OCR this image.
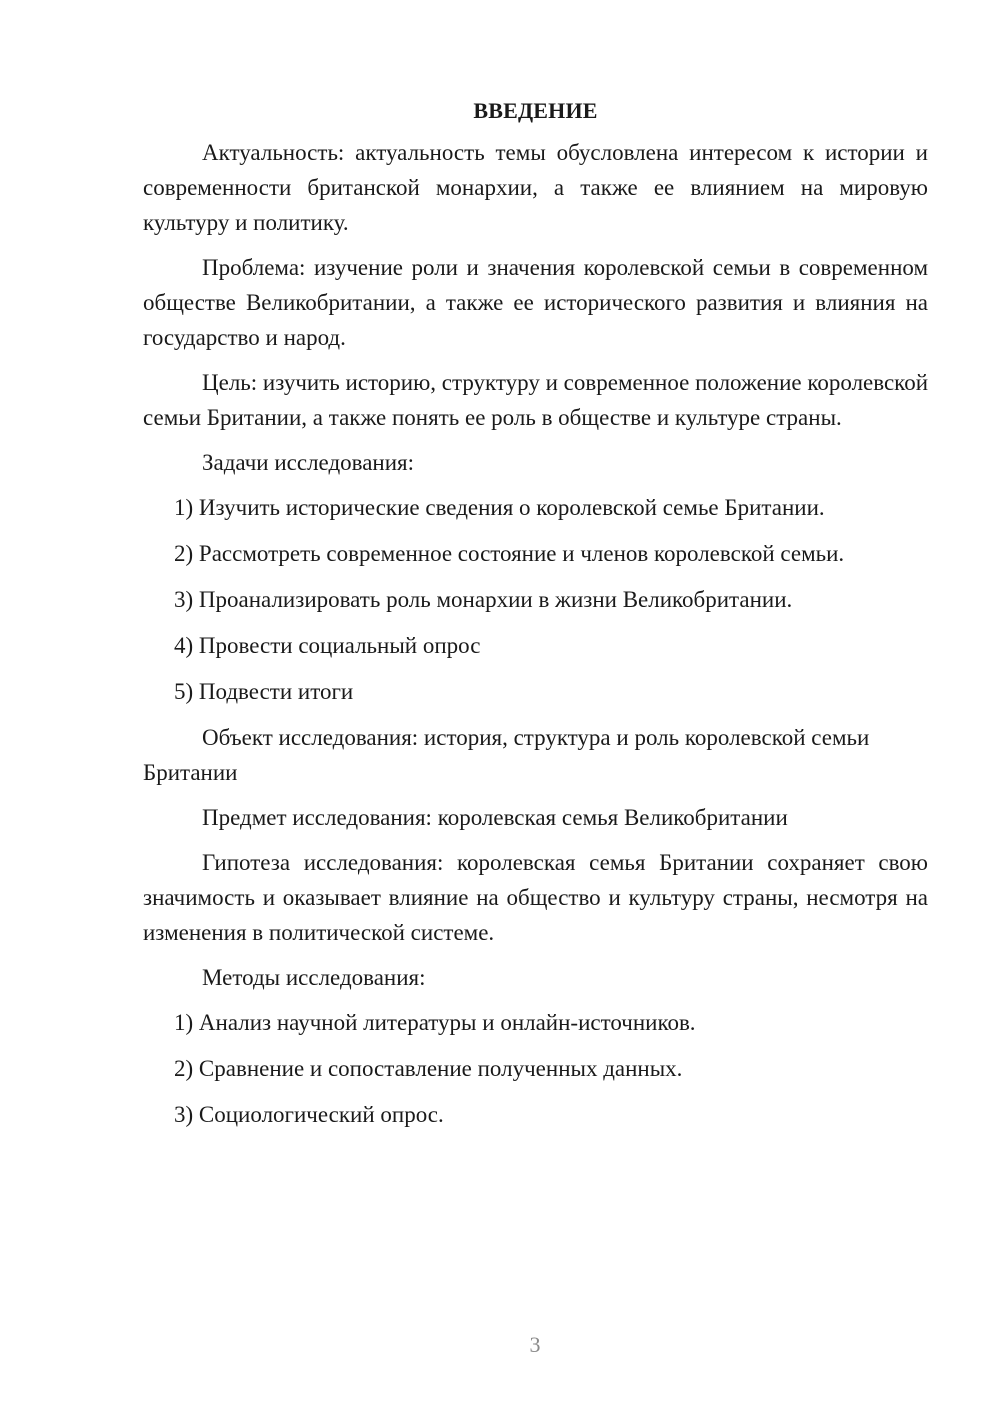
ВВЕДЕНИЕ

Актуальность: актуальность темы обусловлена интересом к истории и современности британской монархии, а также ее влиянием на мировую культуру и политику.

Проблема: изучение роли и значения королевской семьи в современном обществе Великобритании, а также ее исторического развития и влияния на государство и народ.

Цель: изучить историю, структуру и современное положение королевской семьи Британии, а также понять ее роль в обществе и культуре страны.

Задачи исследования:

1) Изучить исторические сведения о королевской семье Британии.
2) Рассмотреть современное состояние и членов королевской семьи.
3) Проанализировать роль монархии в жизни Великобритании.
4) Провести социальный опрос
5) Подвести итоги

Объект исследования: история, структура и роль королевской семьи Британии

Предмет исследования: королевская семья Великобритании

Гипотеза исследования: королевская семья Британии сохраняет свою значимость и оказывает влияние на общество и культуру страны, несмотря на изменения в политической системе.

Методы исследования:

1) Анализ научной литературы и онлайн-источников.
2) Сравнение и сопоставление полученных данных.
3) Социологический опрос.
3
